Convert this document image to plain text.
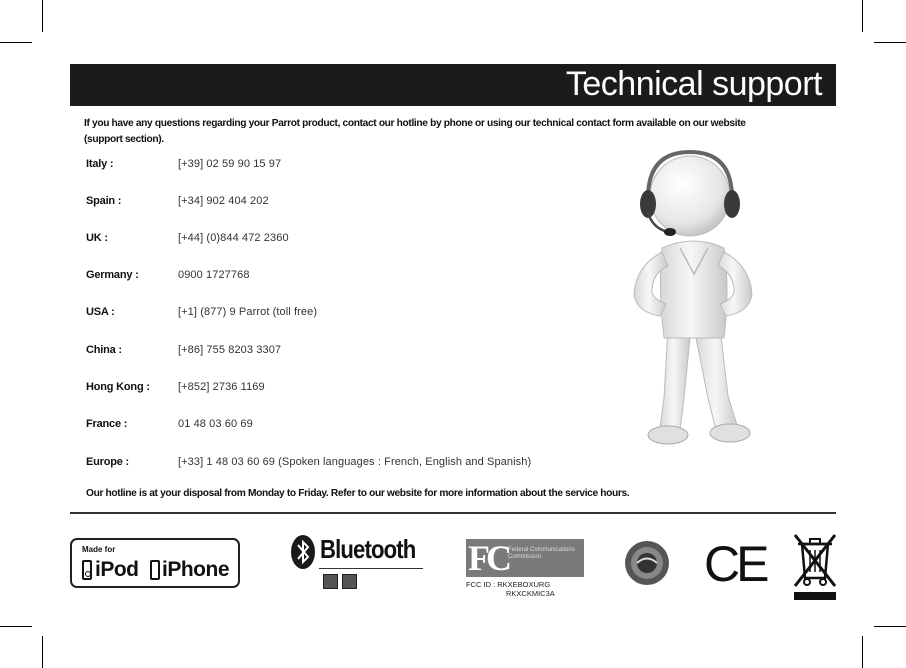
Technical support
If you have any questions regarding your Parrot product, contact our hotline by phone or using our technical contact form available on our website (support section).
Italy :	[+39] 02 59 90 15 97
Spain :	[+34] 902 404 202
UK :	[+44] (0)844 472 2360
Germany :	0900 1727768
USA :	[+1] (877) 9 Parrot (toll free)
China :	[+86] 755 8203 3307
Hong Kong :	[+852] 2736 1169
France :	01 48 03 60 69
Europe :	[+33] 1 48 03 60 69 (Spoken languages : French, English and Spanish)
Our hotline is at your disposal from Monday to Friday. Refer to our website for more information about the service hours.
Made for
iPod iPhone
Bluetooth FC Federal Communications Commission
FCC ID : RKXEBOXURG
RKXCKMIC3A
CE
